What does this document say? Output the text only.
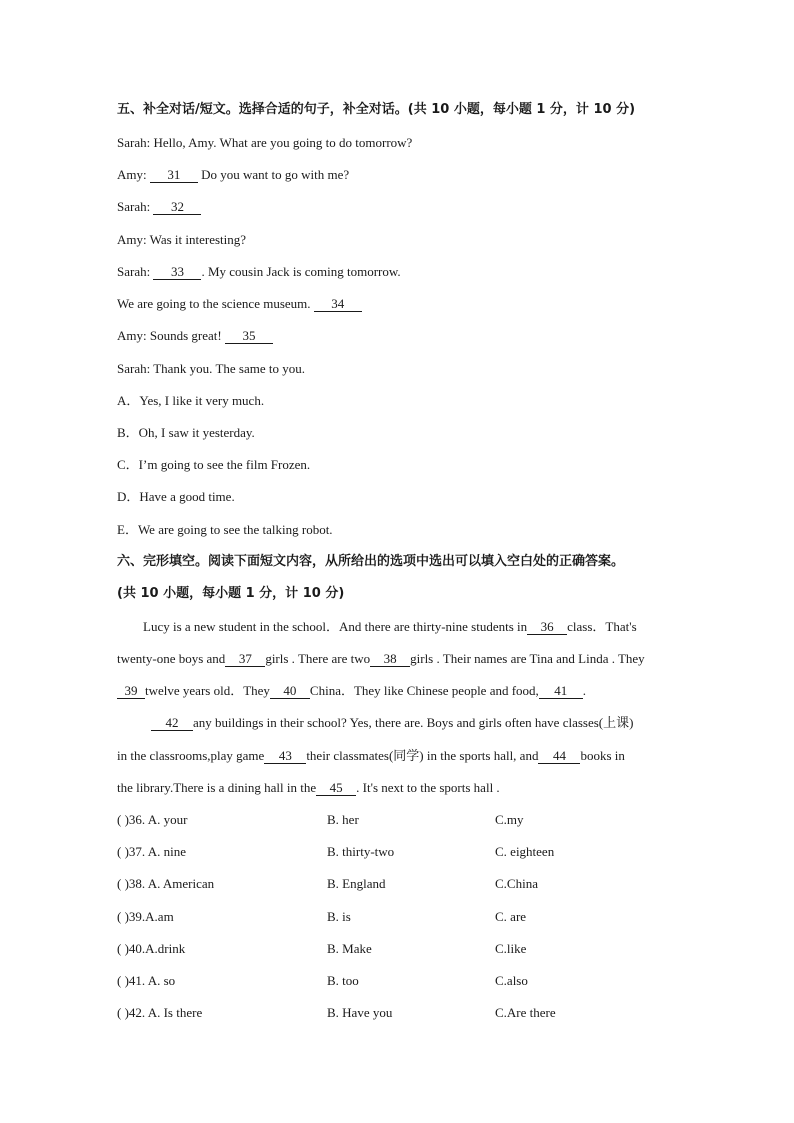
五、补全对话/短文。选择合适的句子，补全对话。(共 10 小题，每小题 1 分，计 10 分)
Sarah: Hello, Amy. What are you going to do tomorrow?
Amy: 31 Do you want to go with me?
Sarah: 32
Amy: Was it interesting?
Sarah: 33 . My cousin Jack is coming tomorrow.
We are going to the science museum. 34
Amy: Sounds great! 35
Sarah: Thank you. The same to you.
A．Yes, I like it very much.
B．Oh, I saw it yesterday.
C．I’m going to see the film Frozen.
D．Have a good time.
E．We are going to see the talking robot.
六、完形填空。阅读下面短文内容，从所给出的选项中选出可以填入空白处的正确答案。
(共 10 小题，每小题 1 分，计 10 分)
Lucy is a new student in the school．And there are thirty-nine students in 36 class．That's
twenty-one boys and 37 girls . There are two 38 girls . Their names are Tina and Linda . They
39 twelve years old．They 40 China．They like Chinese people and food, 41 .
42 any buildings in their school? Yes, there are. Boys and girls often have classes(上课)
in the classrooms,play game 43 their classmates(同学) in the sports hall, and 44 books in
the library.There is a dining hall in the 45 . It's next to the sports hall .
( )36. A. your	B. her	C.my
( )37. A. nine	B. thirty-two	C. eighteen
( )38. A. American	B. England	C.China
( )39.A.am	B. is	C. are
( )40.A.drink	B. Make	C.like
( )41. A. so	B. too	C.also
( )42. A. Is there	B. Have you	C.Are there
